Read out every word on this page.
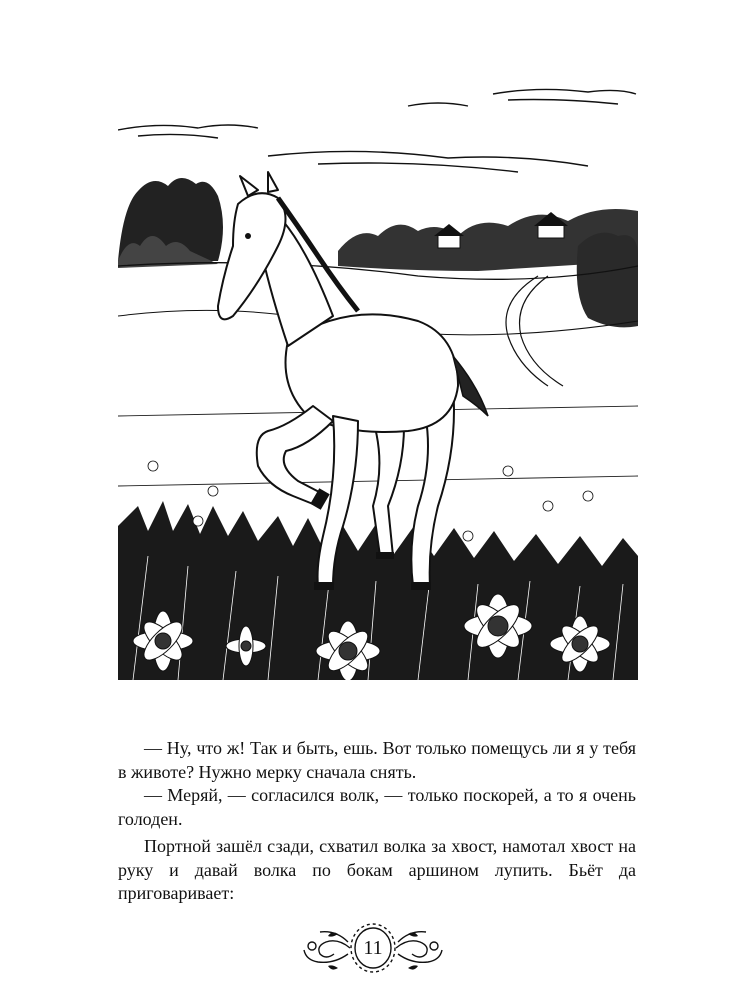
— Ну, что ж! Так и быть, ешь. Вот только помещусь ли я у тебя в животе? Нужно мерку сначала снять.

— Меряй, — согласился волк, — только поскорей, а то я очень голоден.

Портной зашёл сзади, схватил волка за хвост, намотал хвост на руку и давай волка по бокам аршином лупить. Бьёт да приговаривает:

11
